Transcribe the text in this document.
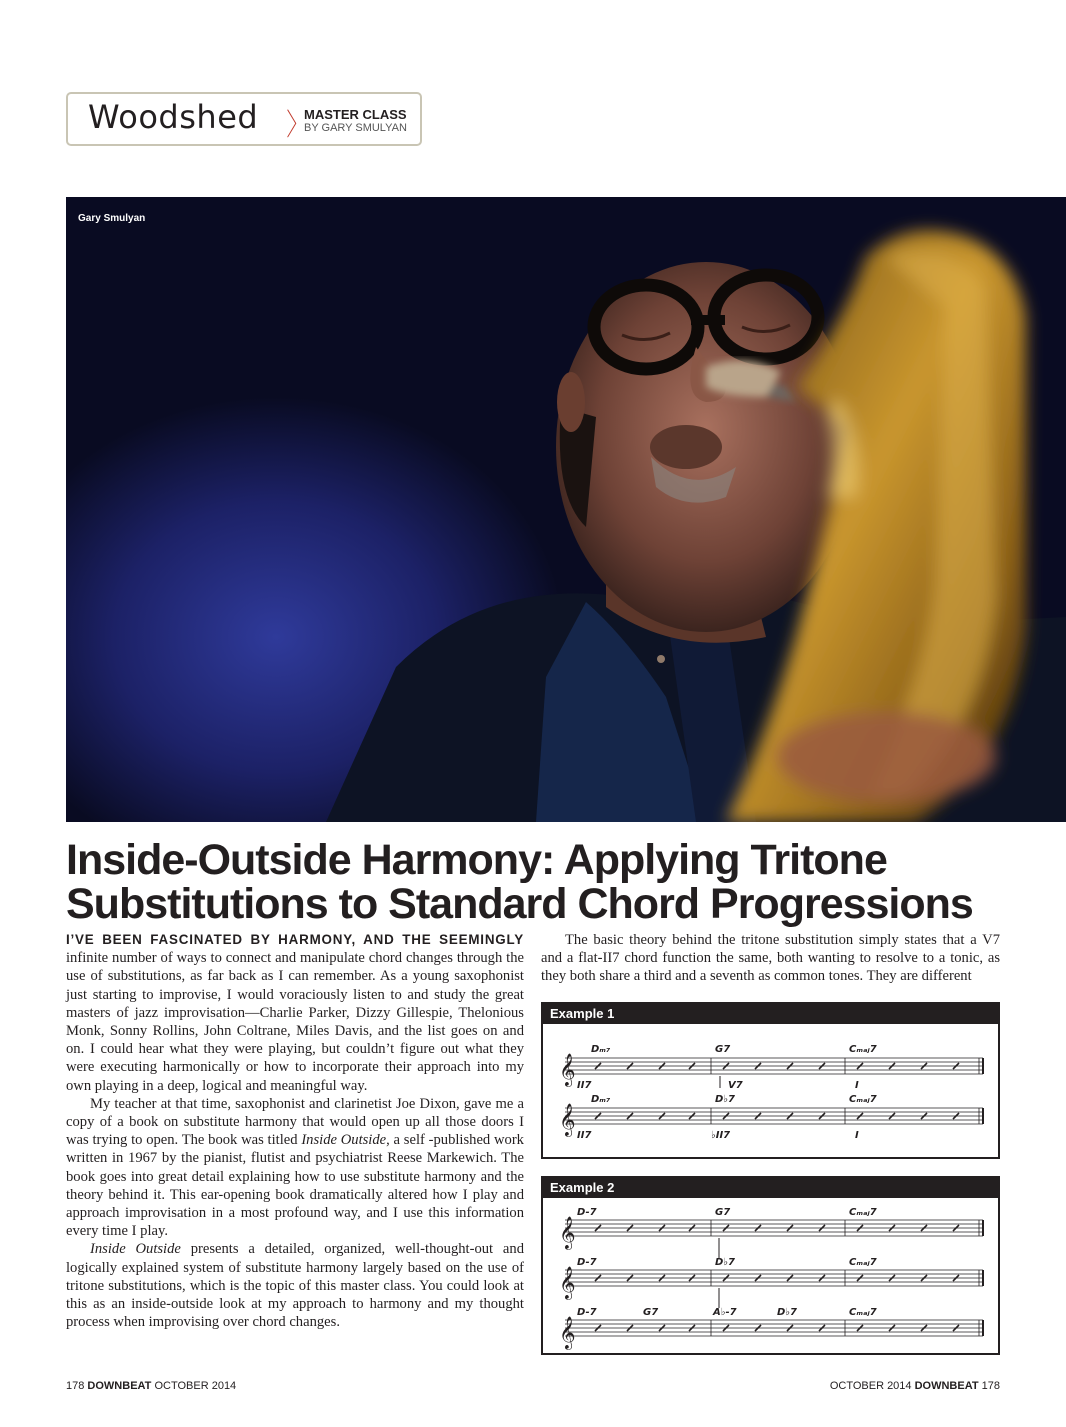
Woodshed 〉
MASTER CLASS
BY GARY SMULYAN
Gary Smulyan
Inside-Outside Harmony: Applying Tritone
Substitutions to Standard Chord Progressions

I’VE BEEN FASCINATED BY HARMONY, AND THE SEEMINGLY infinite number of ways to connect and manipulate chord changes through the use of substitutions, as far back as I can remember. As a young saxophonist just starting to improvise, I would voraciously listen to and study the great masters of jazz improvisation—Charlie Parker, Dizzy Gillespie, Thelonious Monk, Sonny Rollins, John Coltrane, Miles Davis, and the list goes on and on. I could hear what they were playing, but couldn’t figure out what they were executing harmonically or how to incorporate their approach into my own playing in a deep, logical and meaningful way.

My teacher at that time, saxophonist and clarinetist Joe Dixon, gave me a copy of a book on substitute harmony that would open up all those doors I was trying to open. The book was titled Inside Outside, a self -published work written in 1967 by the pianist, flutist and psychiatrist Reese Markewich. The book goes into great detail explaining how to use substitute harmony and the theory behind it. This ear-opening book dramatically altered how I play and approach improvisation in a most profound way, and I use this information every time I play.

Inside Outside presents a detailed, organized, well-thought-out and logically explained system of substitute harmony largely based on the use of tritone substitutions, which is the topic of this master class. You could look at this as an inside-outside look at my approach to harmony and my thought process when improvising over chord changes.

The basic theory behind the tritone substitution simply states that a V7 and a flat-II7 chord function the same, both wanting to resolve to a tonic, as they both share a third and a seventh as common tones. They are different

Example 1
𝄞
Dₘ₇	G7	Cₘₐⱼ7
II7	V7	I
𝄞
Dₘ₇	D♭7	Cₘₐⱼ7
II7	♭II7	I
Example 2
𝄞
D-7	G7	Cₘₐⱼ7
𝄞
D-7	D♭7	Cₘₐⱼ7
𝄞
D-7	G7	A♭-7	D♭7	Cₘₐⱼ7
178 DOWNBEAT OCTOBER 2014	OCTOBER 2014 DOWNBEAT 178
